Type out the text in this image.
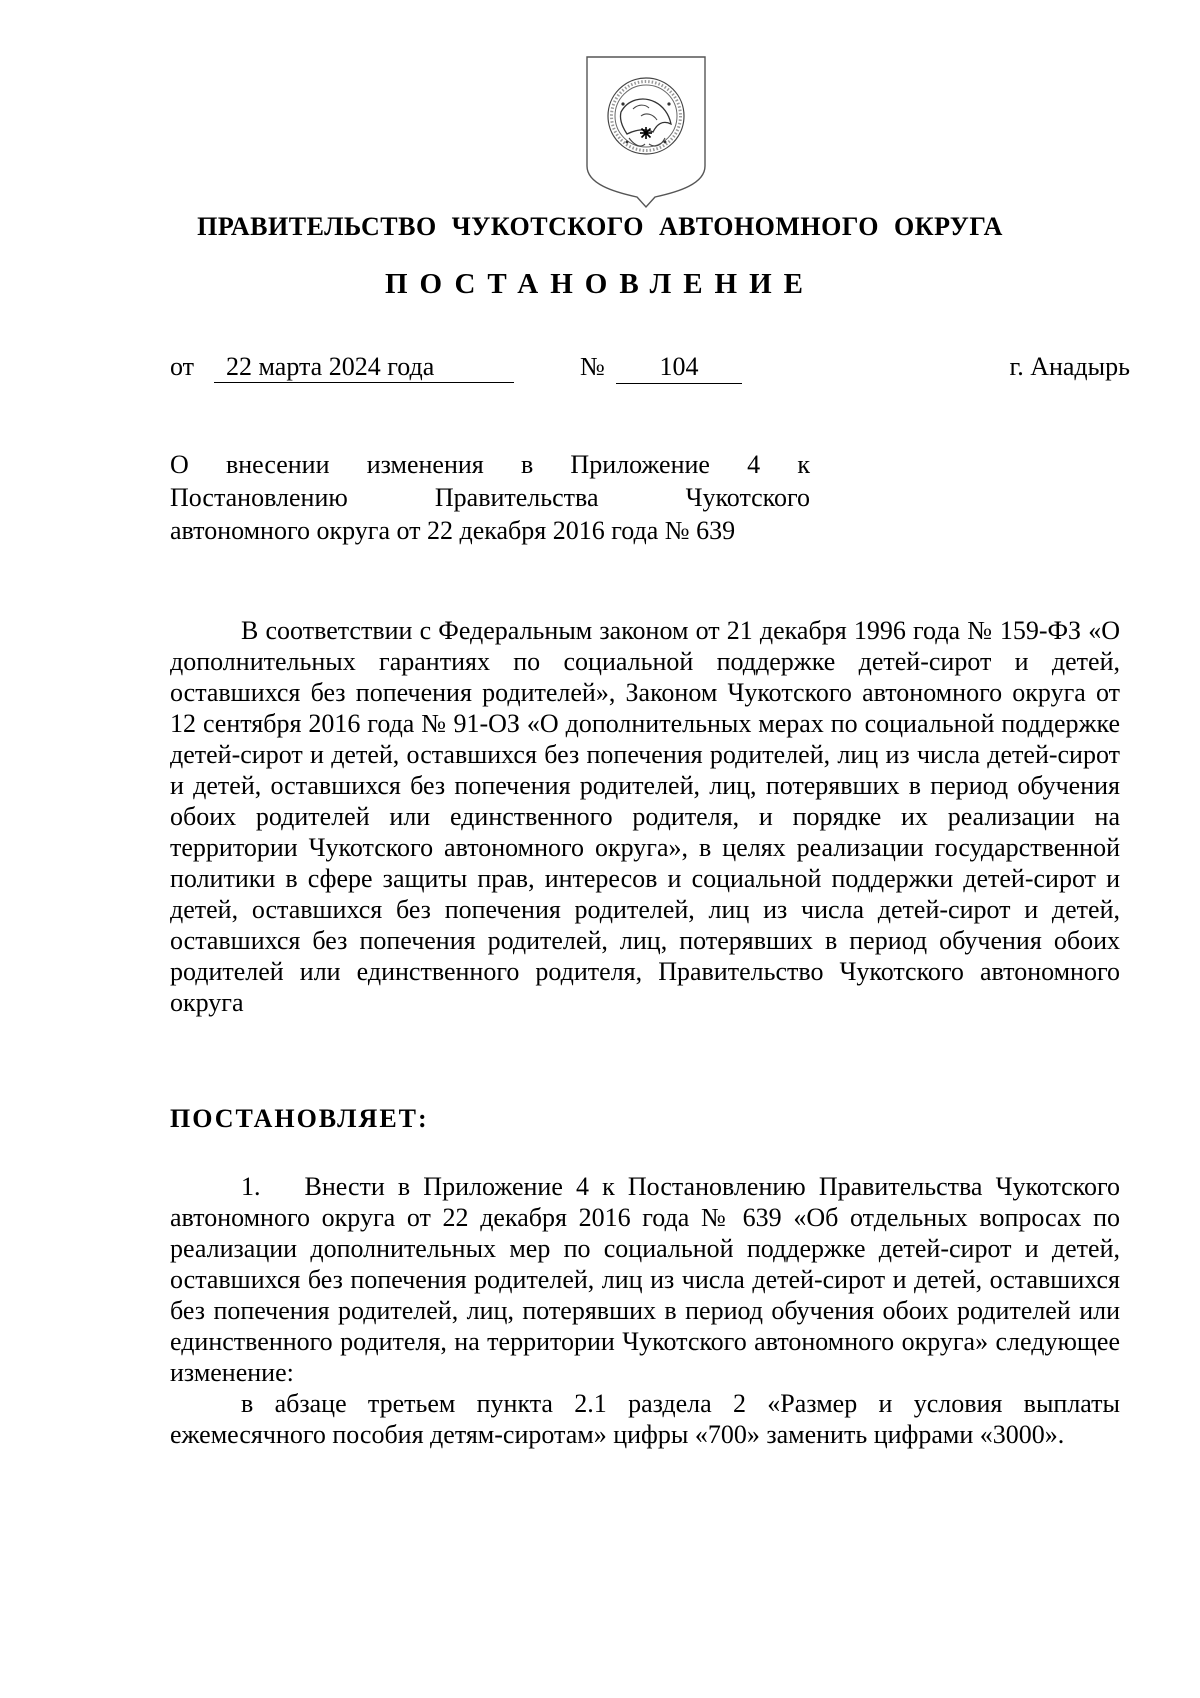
ПРАВИТЕЛЬСТВО ЧУКОТСКОГО АВТОНОМНОГО ОКРУГА
ПОСТАНОВЛЕНИЕ
от	22 марта 2024 года	№	104	г. Анадырь
О внесении изменения в Приложение 4 к
Постановлению Правительства Чукотского
автономного округа от 22 декабря 2016 года № 639

В соответствии с Федеральным законом от 21 декабря 1996 года № 159-ФЗ «О дополнительных гарантиях по социальной поддержке детей-сирот и детей, оставшихся без попечения родителей», Законом Чукотского автономного округа от 12 сентября 2016 года № 91-ОЗ «О дополнительных мерах по социальной поддержке детей-сирот и детей, оставшихся без попечения родителей, лиц из числа детей-сирот и детей, оставшихся без попечения родителей, лиц, потерявших в период обучения обоих родителей или единственного родителя, и порядке их реализации на территории Чукотского автономного округа», в целях реализации государственной политики в сфере защиты прав, интересов и социальной поддержки детей-сирот и детей, оставшихся без попечения родителей, лиц из числа детей-сирот и детей, оставшихся без попечения родителей, лиц, потерявших в период обучения обоих родителей или единственного родителя, Правительство Чукотского автономного округа

ПОСТАНОВЛЯЕТ:

1. Внести в Приложение 4 к Постановлению Правительства Чукотского автономного округа от 22 декабря 2016 года № 639 «Об отдельных вопросах по реализации дополнительных мер по социальной поддержке детей-сирот и детей, оставшихся без попечения родителей, лиц из числа детей-сирот и детей, оставшихся без попечения родителей, лиц, потерявших в период обучения обоих родителей или единственного родителя, на территории Чукотского автономного округа» следующее изменение:

в абзаце третьем пункта 2.1 раздела 2 «Размер и условия выплаты ежемесячного пособия детям-сиротам» цифры «700» заменить цифрами «3000».
